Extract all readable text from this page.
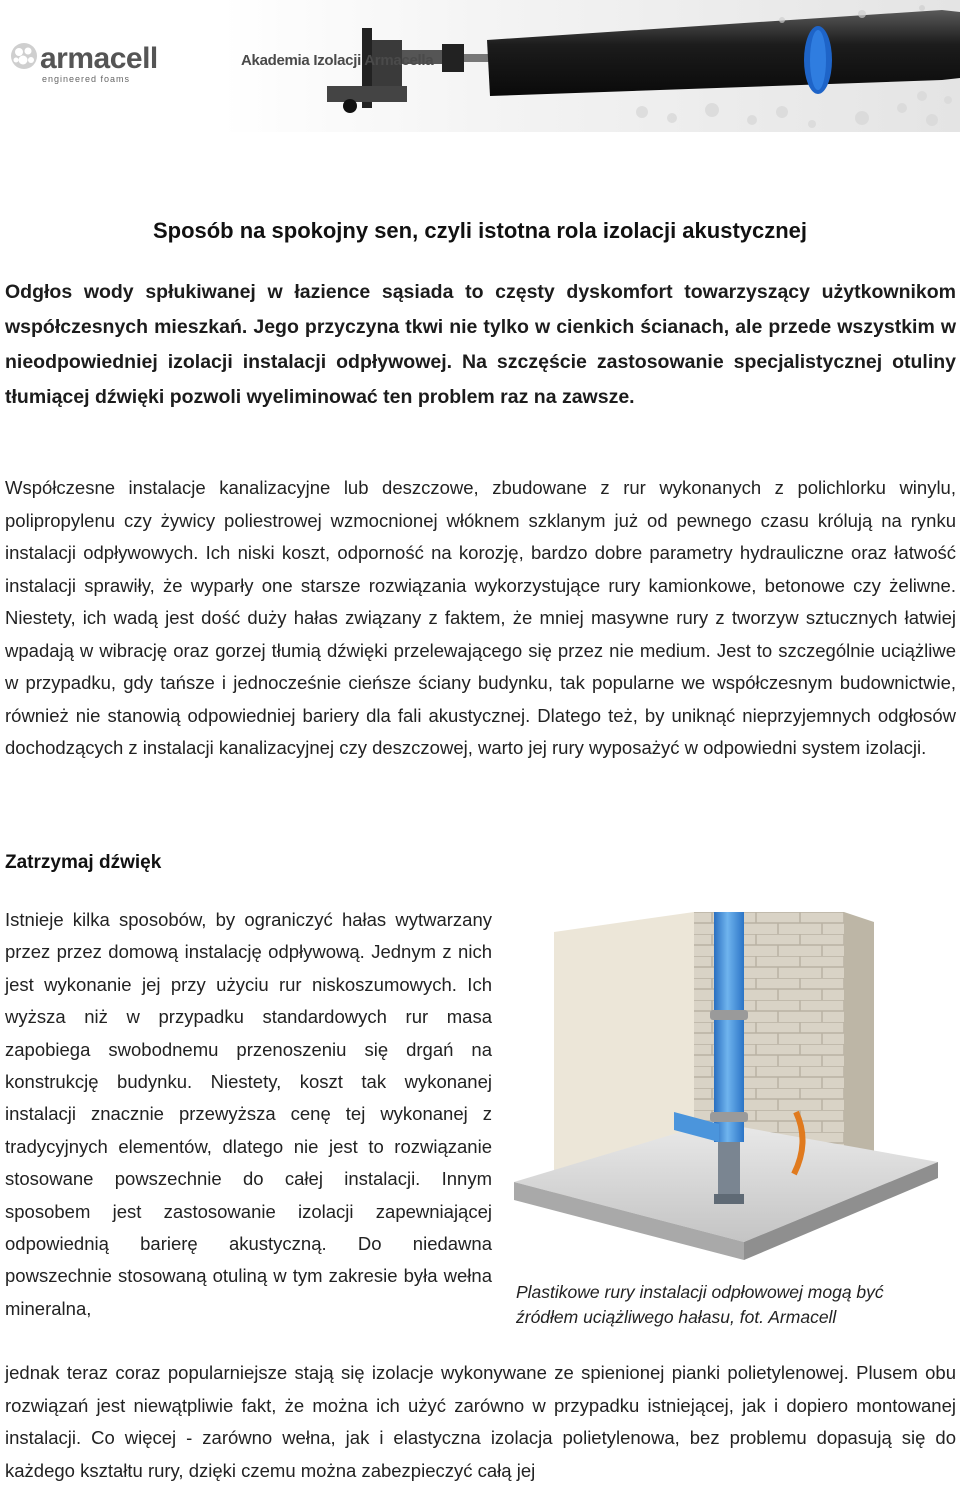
armacell
engineered foams
Akademia Izolacji Armacella
Sposób na spokojny sen, czyli istotna rola izolacji akustycznej
Odgłos wody spłukiwanej w łazience sąsiada to częsty dyskomfort towarzyszący użytkownikom współczesnych mieszkań. Jego przyczyna tkwi nie tylko w cienkich ścianach, ale przede wszystkim w nieodpowiedniej izolacji instalacji odpływowej. Na szczęście zastosowanie specjalistycznej otuliny tłumiącej dźwięki pozwoli wyeliminować ten problem raz na zawsze.
Współczesne instalacje kanalizacyjne lub deszczowe, zbudowane z rur wykonanych z polichlorku winylu, polipropylenu czy żywicy poliestrowej wzmocnionej włóknem szklanym już od pewnego czasu królują na rynku instalacji odpływowych. Ich niski koszt, odporność na korozję, bardzo dobre parametry hydrauliczne oraz łatwość instalacji sprawiły, że wyparły one starsze rozwiązania wykorzystujące rury kamionkowe, betonowe czy żeliwne. Niestety, ich wadą jest dość duży hałas związany z faktem, że mniej masywne rury z tworzyw sztucznych łatwiej wpadają w wibrację oraz gorzej tłumią dźwięki przelewającego się przez nie medium. Jest to szczególnie uciążliwe w przypadku, gdy tańsze i jednocześnie cieńsze ściany budynku, tak popularne we współczesnym budownictwie, również nie stanowią odpowiedniej bariery dla fali akustycznej. Dlatego też, by uniknąć nieprzyjemnych odgłosów dochodzących z instalacji kanalizacyjnej czy deszczowej, warto jej rury wyposażyć w odpowiedni system izolacji.
Zatrzymaj dźwięk
Istnieje kilka sposobów, by ograniczyć hałas wytwarzany przez przez domową instalację odpływową. Jednym z nich jest wykonanie jej przy użyciu rur niskoszumowych. Ich wyższa niż w przypadku standardowych rur masa zapobiega swobodnemu przenoszeniu się drgań na konstrukcję budynku. Niestety, koszt tak wykonanej instalacji znacznie przewyższa cenę tej wykonanej z tradycyjnych elementów, dlatego nie jest to rozwiązanie stosowane powszechnie do całej instalacji. Innym sposobem jest zastosowanie izolacji zapewniającej odpowiednią barierę akustyczną. Do niedawna powszechnie stosowaną otuliną w tym zakresie była wełna mineralna,
Plastikowe rury instalacji odpłowowej mogą być źródłem uciążliwego hałasu, fot. Armacell
jednak teraz coraz popularniejsze stają się izolacje wykonywane ze spienionej pianki polietylenowej. Plusem obu rozwiązań jest niewątpliwie fakt, że można ich użyć zarówno w przypadku istniejącej, jak i dopiero montowanej instalacji. Co więcej - zarówno wełna, jak i elastyczna izolacja polietylenowa, bez problemu dopasują się do każdego kształtu rury, dzięki czemu można zabezpieczyć całą jej
